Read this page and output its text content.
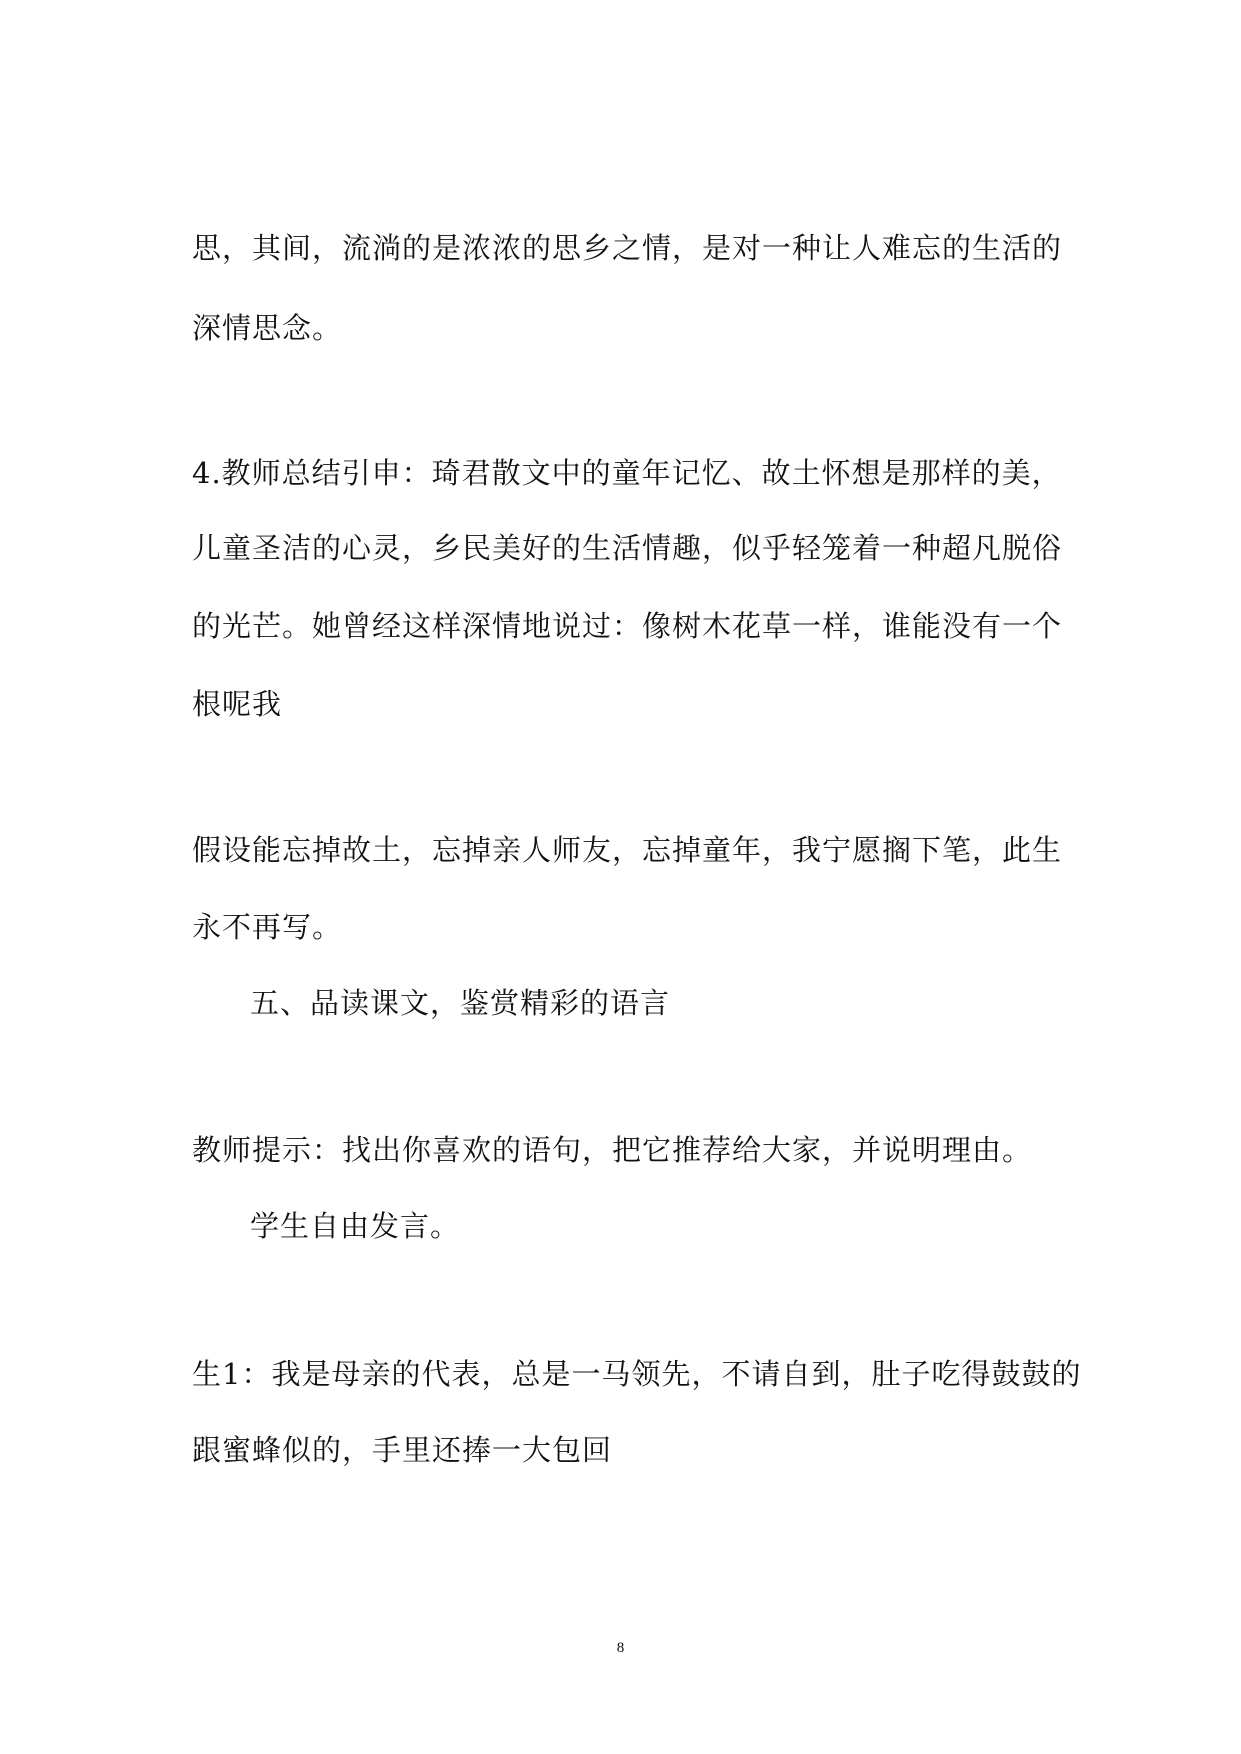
思，其间，流淌的是浓浓的思乡之情，是对一种让人难忘的生活的
深情思念。
4.教师总结引申：琦君散文中的童年记忆、故土怀想是那样的美，
儿童圣洁的心灵，乡民美好的生活情趣，似乎轻笼着一种超凡脱俗
的光芒。她曾经这样深情地说过：像树木花草一样，谁能没有一个
根呢我
假设能忘掉故土，忘掉亲人师友，忘掉童年，我宁愿搁下笔，此生
永不再写。
五、品读课文，鉴赏精彩的语言
教师提示：找出你喜欢的语句，把它推荐给大家，并说明理由。
学生自由发言。
生1：我是母亲的代表，总是一马领先，不请自到，肚子吃得鼓鼓的
跟蜜蜂似的，手里还捧一大包回
8
